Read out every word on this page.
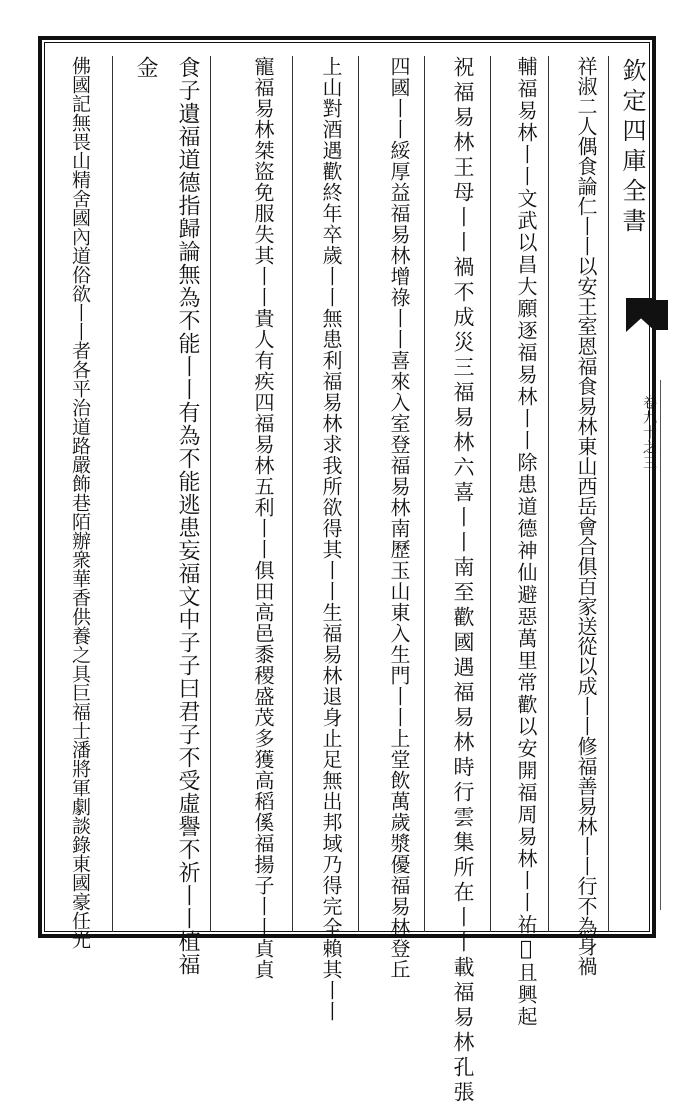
欽定四庫全書
卷九十之三
祥淑二人偶食論仁丨丨以安王室恩福食易林東山西岳會合俱百家送從以成丨丨修福善易林丨丨行不為身禍
輔福易林丨丨文武以昌大願逐福易林丨丨除患道德神仙避惡萬里常歡以安開福周易林丨丨祐𥝠且興起
祝福易林王母丨丨禍不成災三福易林六喜丨丨南至歡國遇福易林時行雲集所在丨丨載福易林孔張
四國丨丨綏厚益福易林增祿丨丨喜來入室登福易林南歷玉山東入生門丨丨上堂飲萬歲漿優福易林登丘
上山對酒遇歡終年卒歲丨丨無患利福易林求我所欲得其丨丨生福易林退身止足無出邦域乃得完全賴其丨丨
寵福易林桀盜免服失其丨丨貴人有疾四福易林五利丨丨俱田高邑黍稷盛茂多獲高稻傒福揚子丨丨貞貞
食子遺福道德指歸論無為不能丨丨有為不能逃患妄福文中子子曰君子不受虛譽不祈丨丨植福
金
佛國記無畏山精舍國內道俗欲丨丨者各平治道路嚴飾巷陌辦衆華香供養之具巨福士潘將軍劇談錄東國豪任光
